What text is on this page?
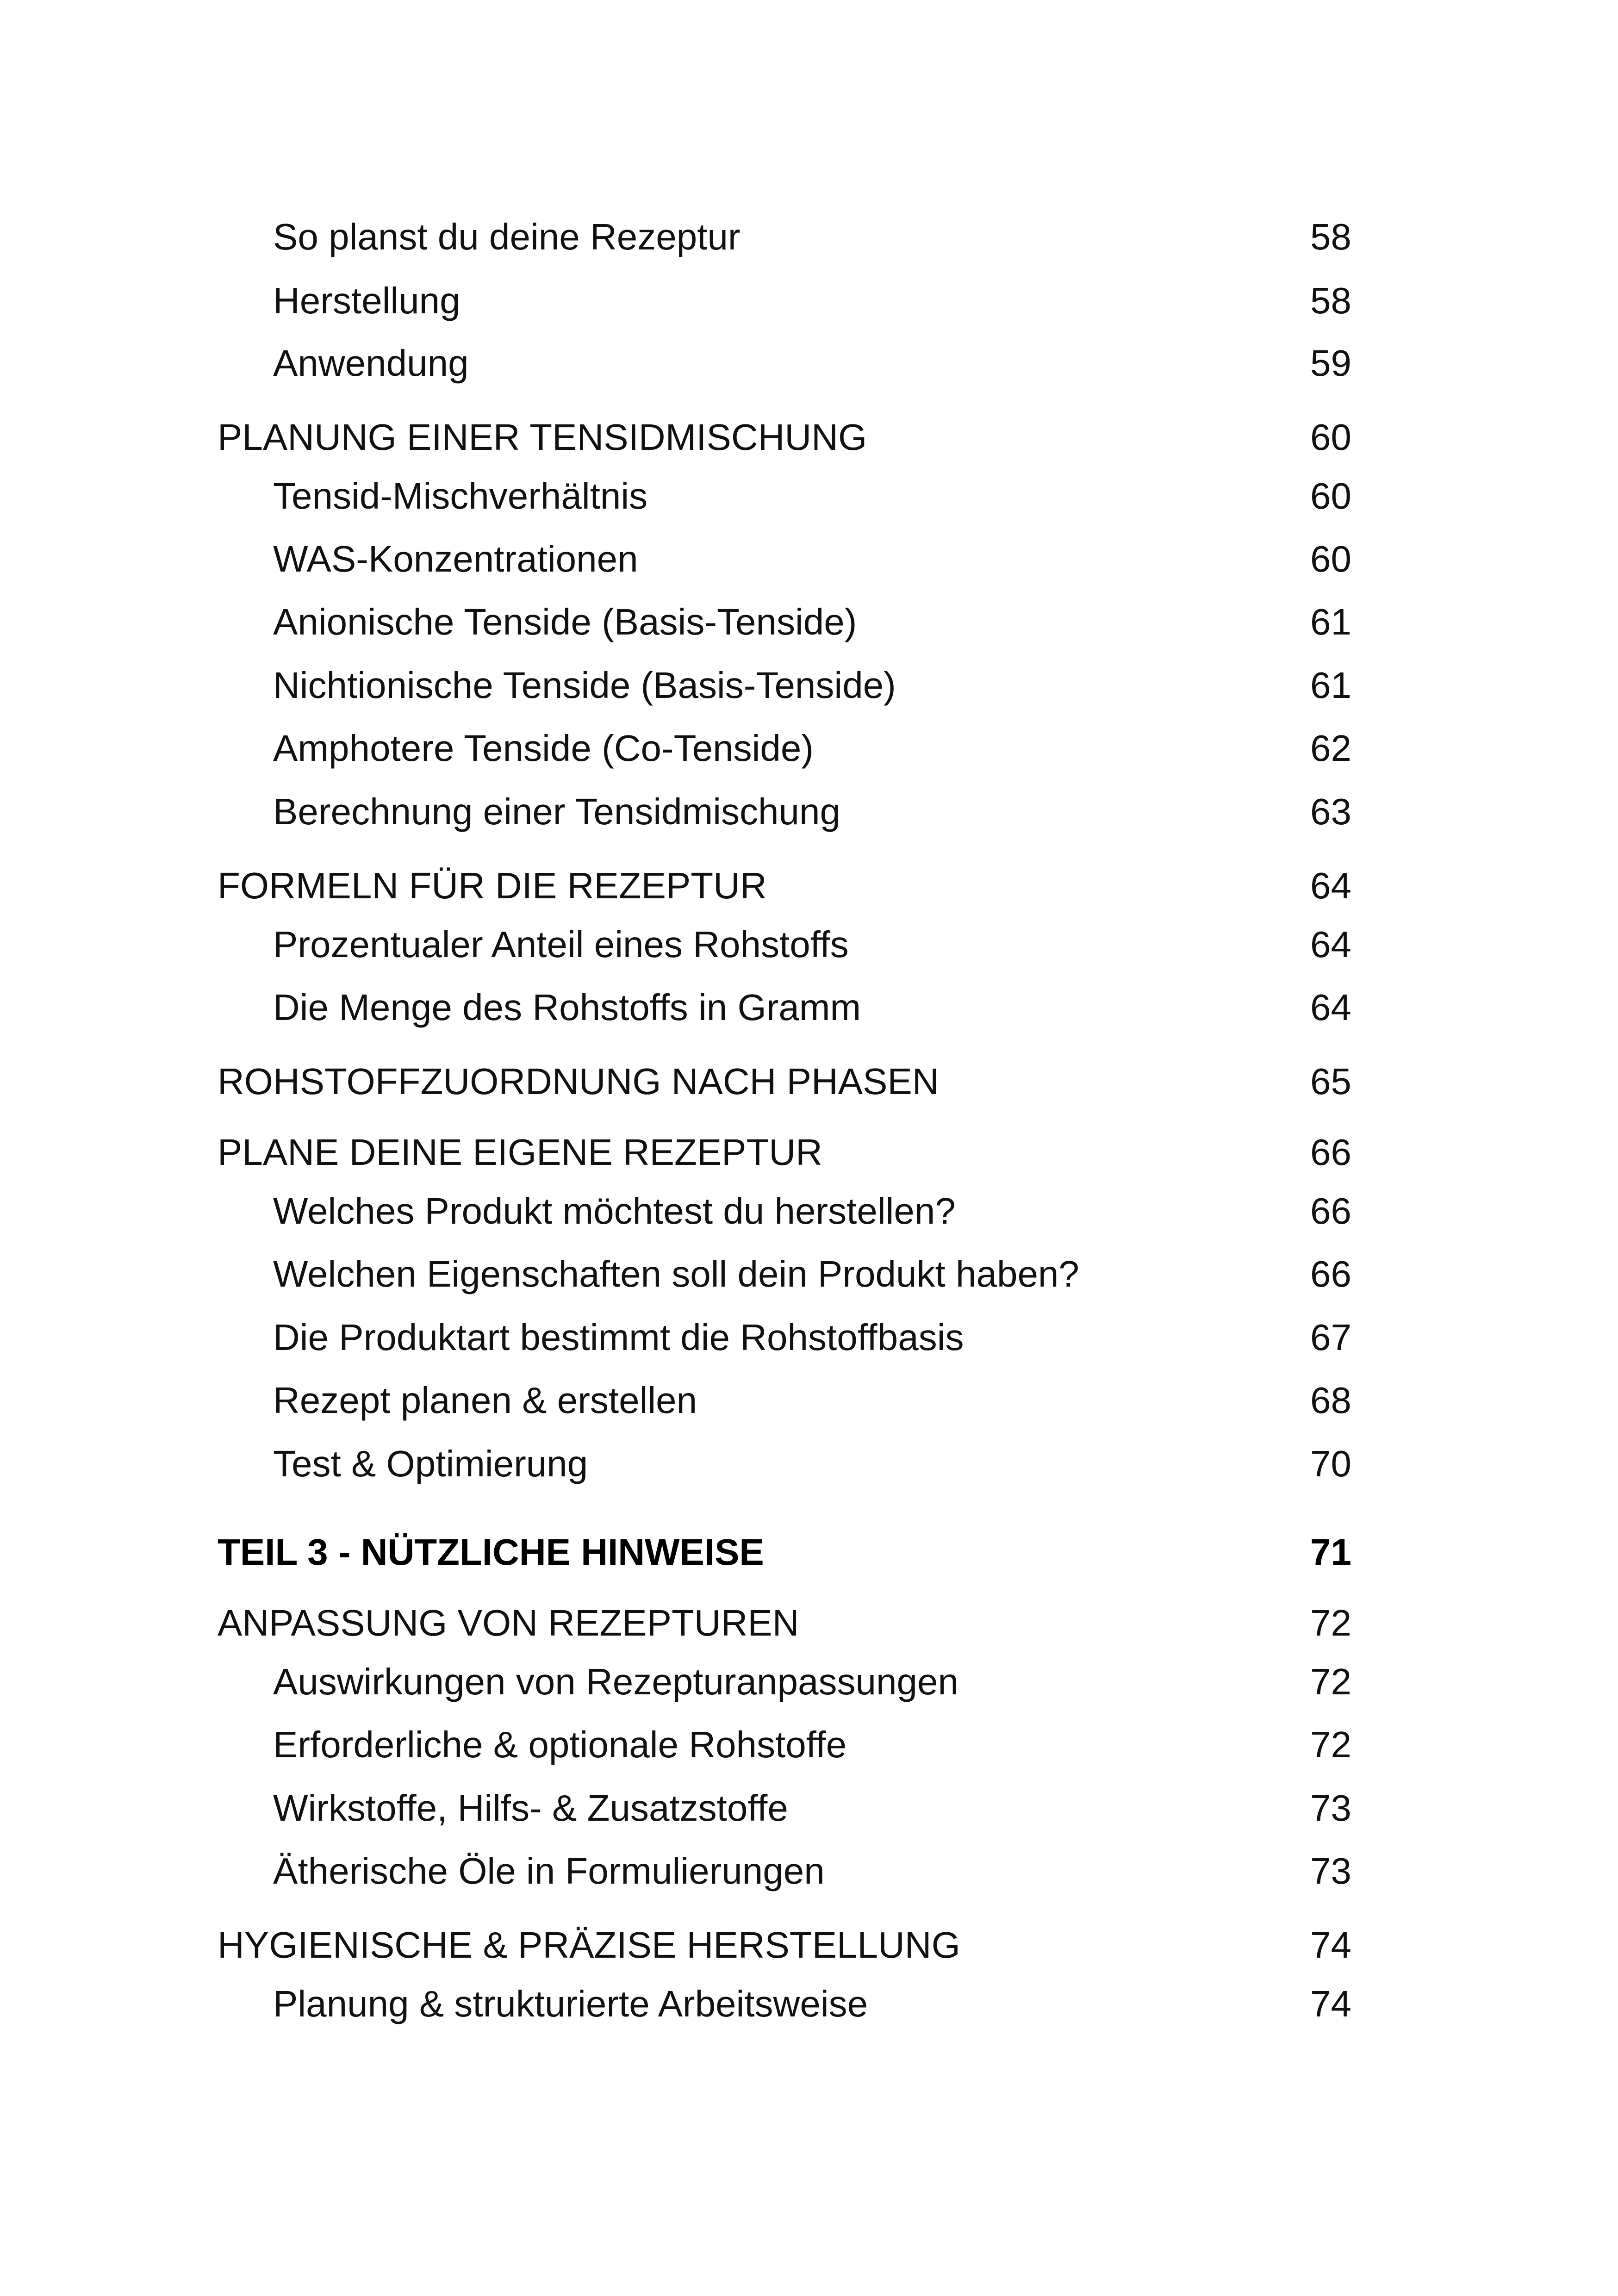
So planst du deine Rezeptur	58
Herstellung	58
Anwendung	59
PLANUNG EINER TENSIDMISCHUNG	60
Tensid-Mischverhältnis	60
WAS-Konzentrationen	60
Anionische Tenside (Basis-Tenside)	61
Nichtionische Tenside (Basis-Tenside)	61
Amphotere Tenside (Co-Tenside)	62
Berechnung einer Tensidmischung	63
FORMELN FÜR DIE REZEPTUR	64
Prozentualer Anteil eines Rohstoffs	64
Die Menge des Rohstoffs in Gramm	64
ROHSTOFFZUORDNUNG NACH PHASEN	65
PLANE DEINE EIGENE REZEPTUR	66
Welches Produkt möchtest du herstellen?	66
Welchen Eigenschaften soll dein Produkt haben?	66
Die Produktart bestimmt die Rohstoffbasis	67
Rezept planen & erstellen	68
Test & Optimierung	70
TEIL 3 - NÜTZLICHE HINWEISE	71
ANPASSUNG VON REZEPTUREN	72
Auswirkungen von Rezepturanpassungen	72
Erforderliche & optionale Rohstoffe	72
Wirkstoffe, Hilfs- & Zusatzstoffe	73
Ätherische Öle in Formulierungen	73
HYGIENISCHE & PRÄZISE HERSTELLUNG	74
Planung & strukturierte Arbeitsweise	74
